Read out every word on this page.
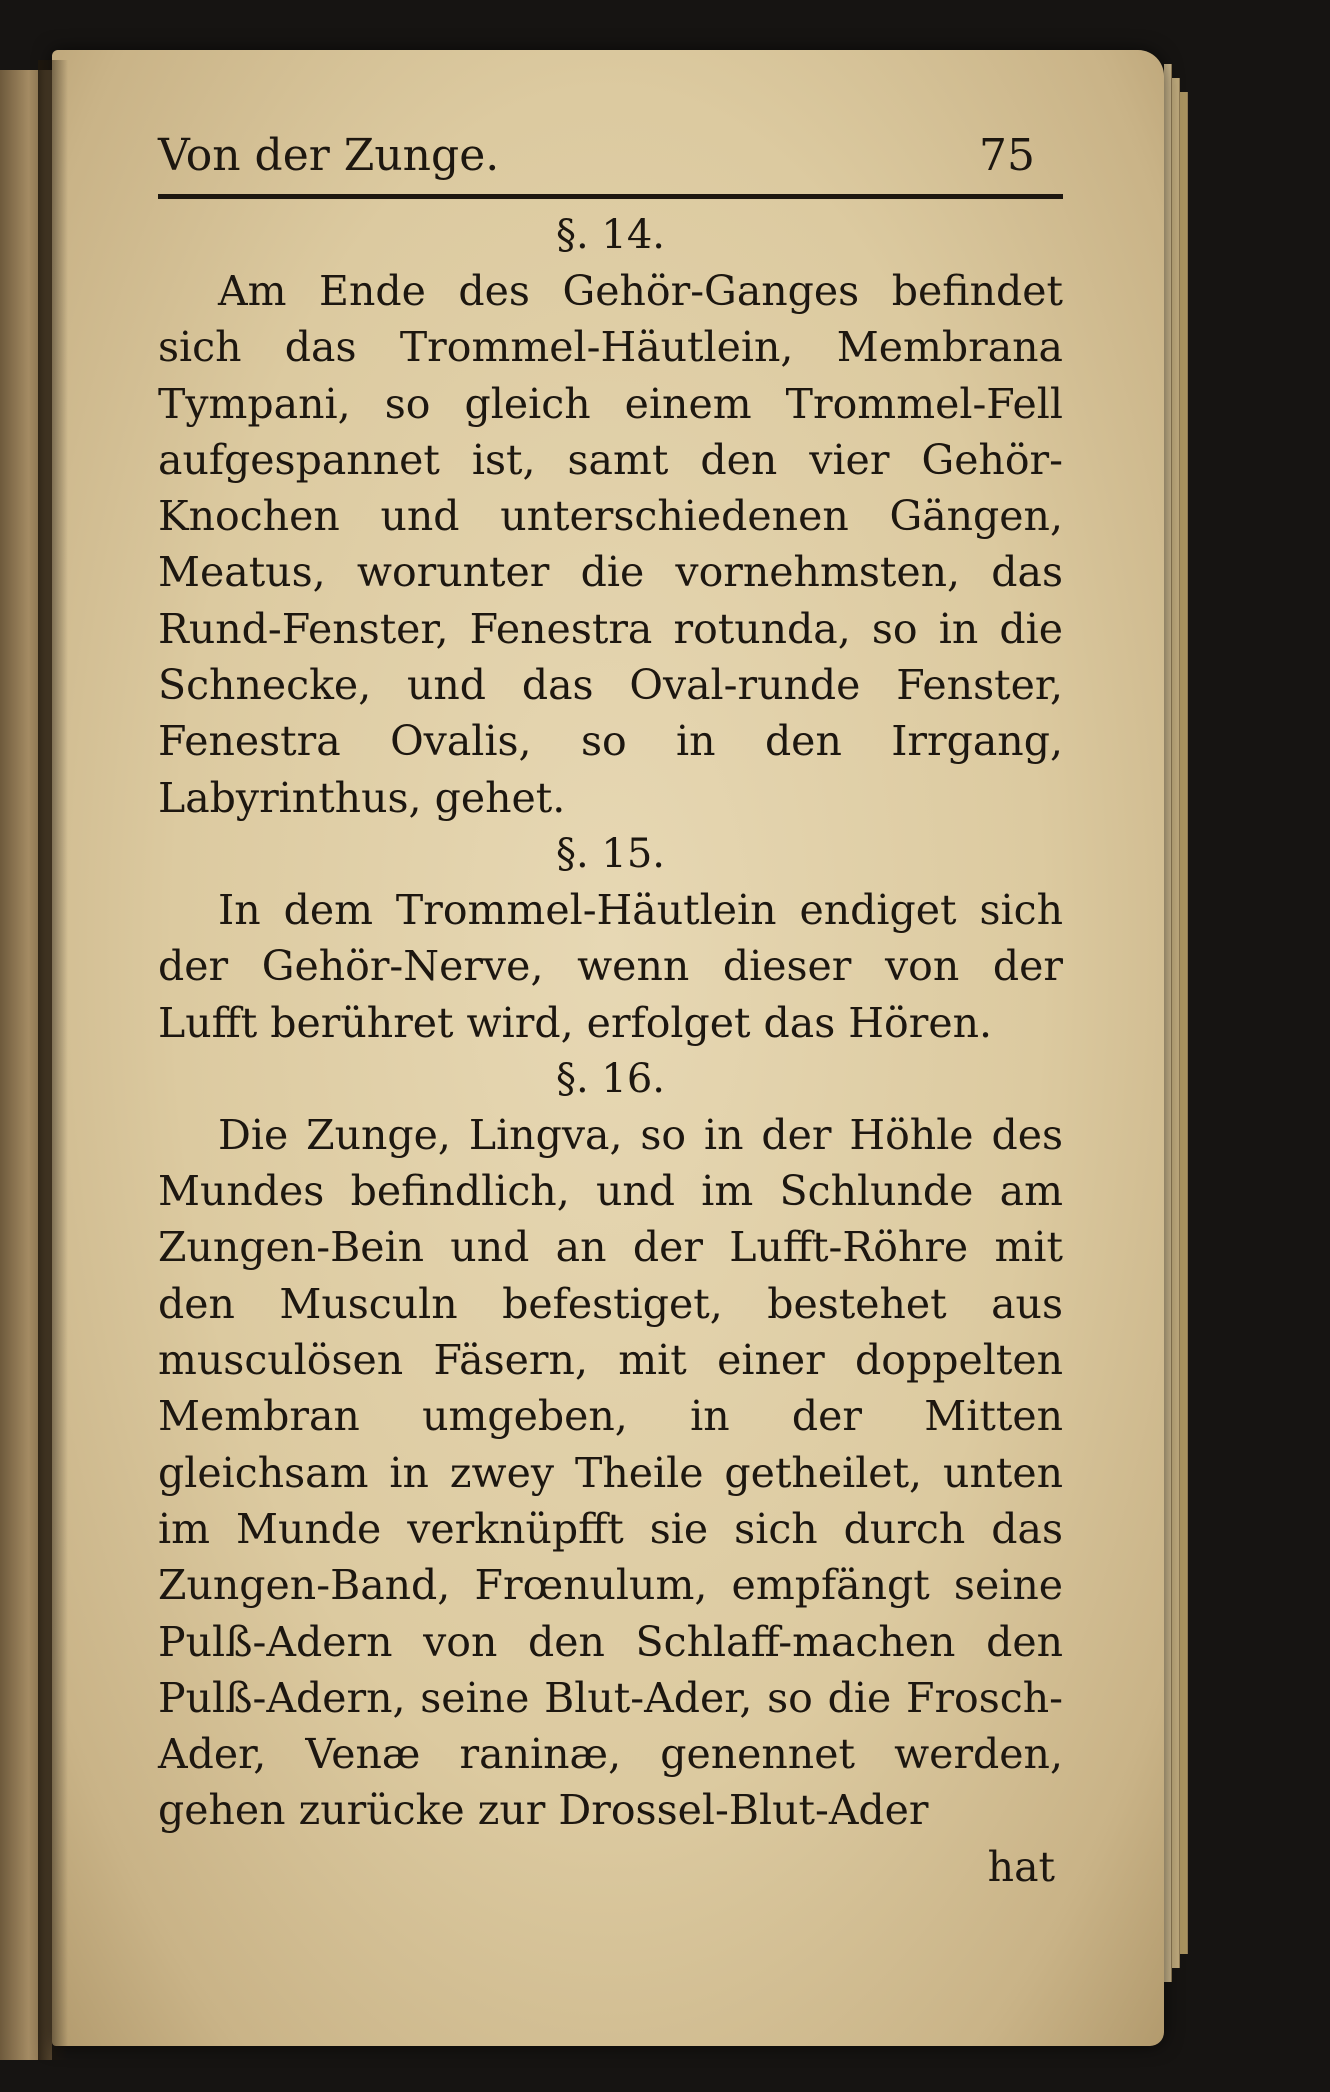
Von der Zunge.	75
§. 14.

Am Ende des Gehör-Ganges befindet sich das Trommel-Häutlein, Membrana Tympani, so gleich einem Trommel-Fell aufgespannet ist, samt den vier Gehör-Knochen und unterschiedenen Gängen, Meatus, worunter die vornehmsten, das Rund-Fenster, Fenestra rotunda, so in die Schnecke, und das Oval-runde Fenster, Fenestra Ovalis, so in den Irrgang, Labyrinthus, gehet.

§. 15.

In dem Trommel-Häutlein endiget sich der Gehör-Nerve, wenn dieser von der Lufft berühret wird, erfolget das Hören.

§. 16.

Die Zunge, Lingva, so in der Höhle des Mundes befindlich, und im Schlunde am Zungen-Bein und an der Lufft-Röhre mit den Musculn befestiget, bestehet aus musculösen Fäsern, mit einer doppelten Membran umgeben, in der Mitten gleichsam in zwey Theile getheilet, unten im Munde verknüpfft sie sich durch das Zungen-Band, Frœnulum, empfängt seine Pulß-Adern von den Schlaff-machen den Pulß-Adern, seine Blut-Ader, so die Frosch-Ader, Venæ raninæ, genennet werden, gehen zurücke zur Drossel-Blut-Ader

hat
